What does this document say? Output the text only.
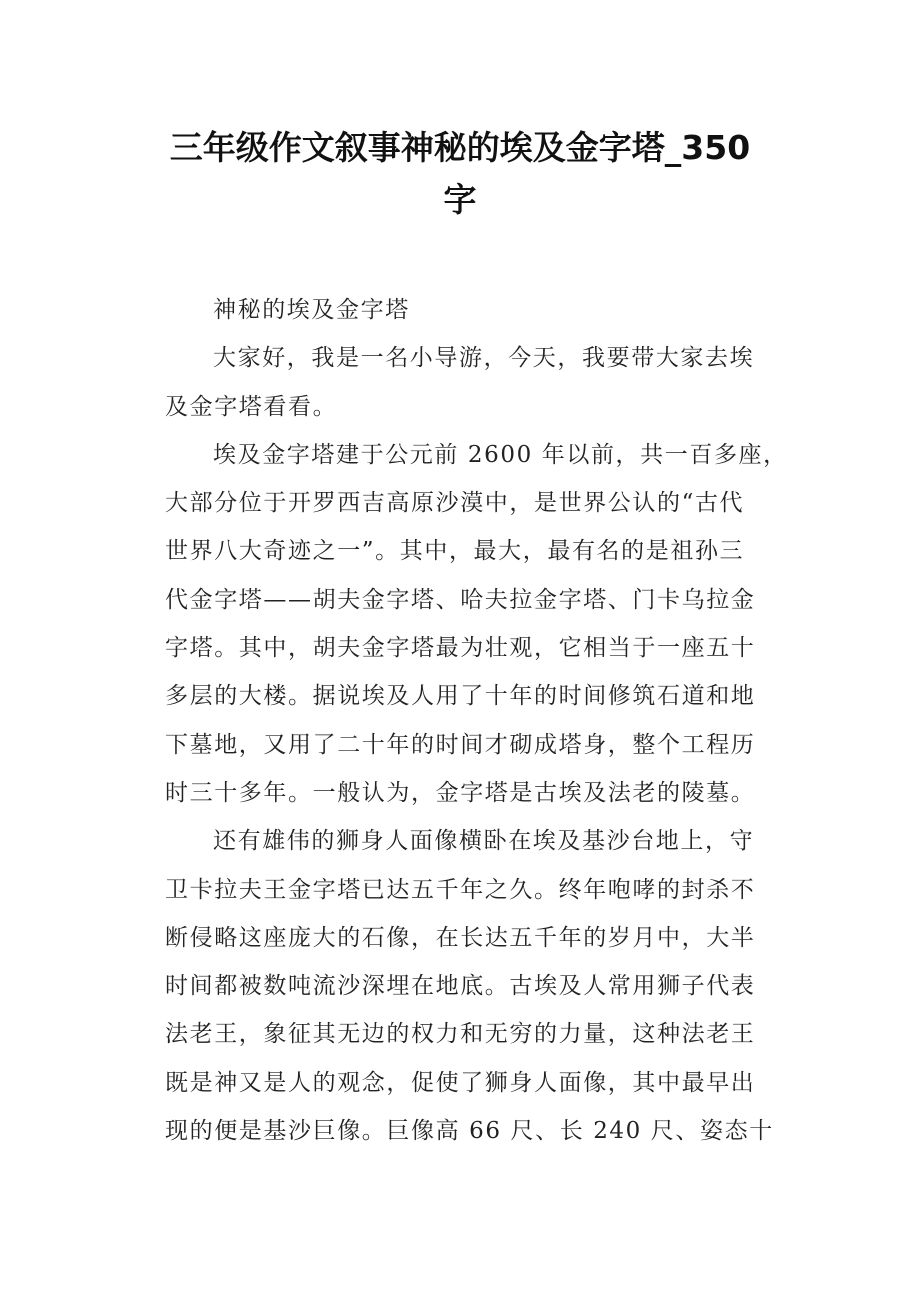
三年级作文叙事神秘的埃及金字塔_350
字
神秘的埃及金字塔
大家好，我是一名小导游，今天，我要带大家去埃
及金字塔看看。
埃及金字塔建于公元前 2600 年以前，共一百多座，
大部分位于开罗西吉高原沙漠中，是世界公认的“古代
世界八大奇迹之一”。其中，最大，最有名的是祖孙三
代金字塔——胡夫金字塔、哈夫拉金字塔、门卡乌拉金
字塔。其中，胡夫金字塔最为壮观，它相当于一座五十
多层的大楼。据说埃及人用了十年的时间修筑石道和地
下墓地，又用了二十年的时间才砌成塔身，整个工程历
时三十多年。一般认为，金字塔是古埃及法老的陵墓。
还有雄伟的狮身人面像横卧在埃及基沙台地上，守
卫卡拉夫王金字塔已达五千年之久。终年咆哮的封杀不
断侵略这座庞大的石像，在长达五千年的岁月中，大半
时间都被数吨流沙深埋在地底。古埃及人常用狮子代表
法老王，象征其无边的权力和无穷的力量，这种法老王
既是神又是人的观念，促使了狮身人面像，其中最早出
现的便是基沙巨像。巨像高 66 尺、长 240 尺、姿态十
